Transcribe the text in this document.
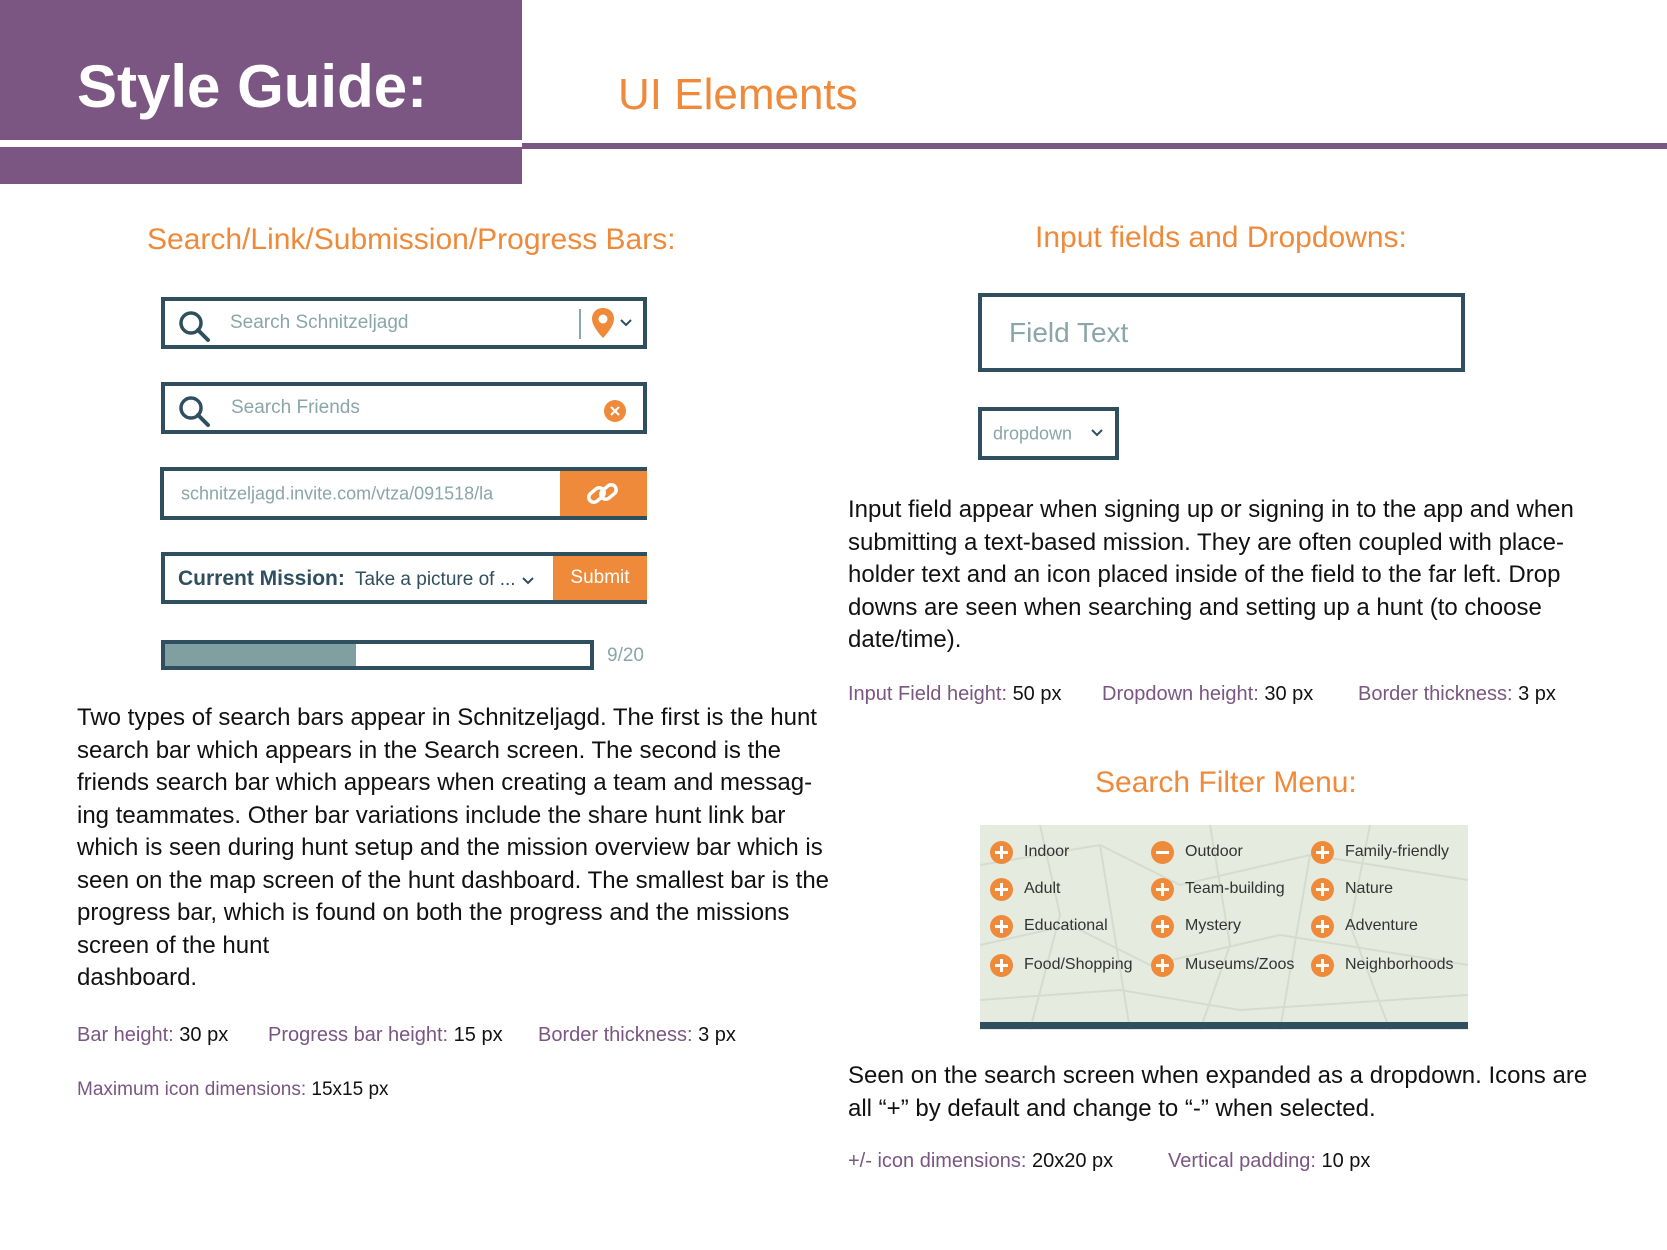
Style Guide:	UI Elements
Search/Link/Submission/Progress Bars:
Search Schnitzeljagd
Search Friends
schnitzeljagd.invite.com/vtza/091518/la
Current Mission: Take a picture of ...	Submit
9/20
Two types of search bars appear in Schnitzeljagd. The first is the hunt
search bar which appears in the Search screen. The second is the
friends search bar which appears when creating a team and messag-
ing teammates. Other bar variations include the share hunt link bar
which is seen during hunt setup and the mission overview bar which is
seen on the map screen of the hunt dashboard. The smallest bar is the
progress bar, which is found on both the progress and the missions
screen of the hunt
dashboard.
Bar height: 30 px Progress bar height: 15 px Border thickness: 3 px
Maximum icon dimensions: 15x15 px
Input fields and Dropdowns:
Field Text
dropdown
Input field appear when signing up or signing in to the app and when
submitting a text-based mission. They are often coupled with place-
holder text and an icon placed inside of the field to the far left. Drop
downs are seen when searching and setting up a hunt (to choose
date/time).
Input Field height: 50 px Dropdown height: 30 px Border thickness: 3 px
Search Filter Menu:
Indoor	Outdoor	Family-friendly
Adult	Team-building	Nature
Educational	Mystery	Adventure
Food/Shopping	Museums/Zoos	Neighborhoods
Seen on the search screen when expanded as a dropdown. Icons are
all “+” by default and change to “-” when selected.
+/- icon dimensions: 20x20 px	Vertical padding: 10 px
